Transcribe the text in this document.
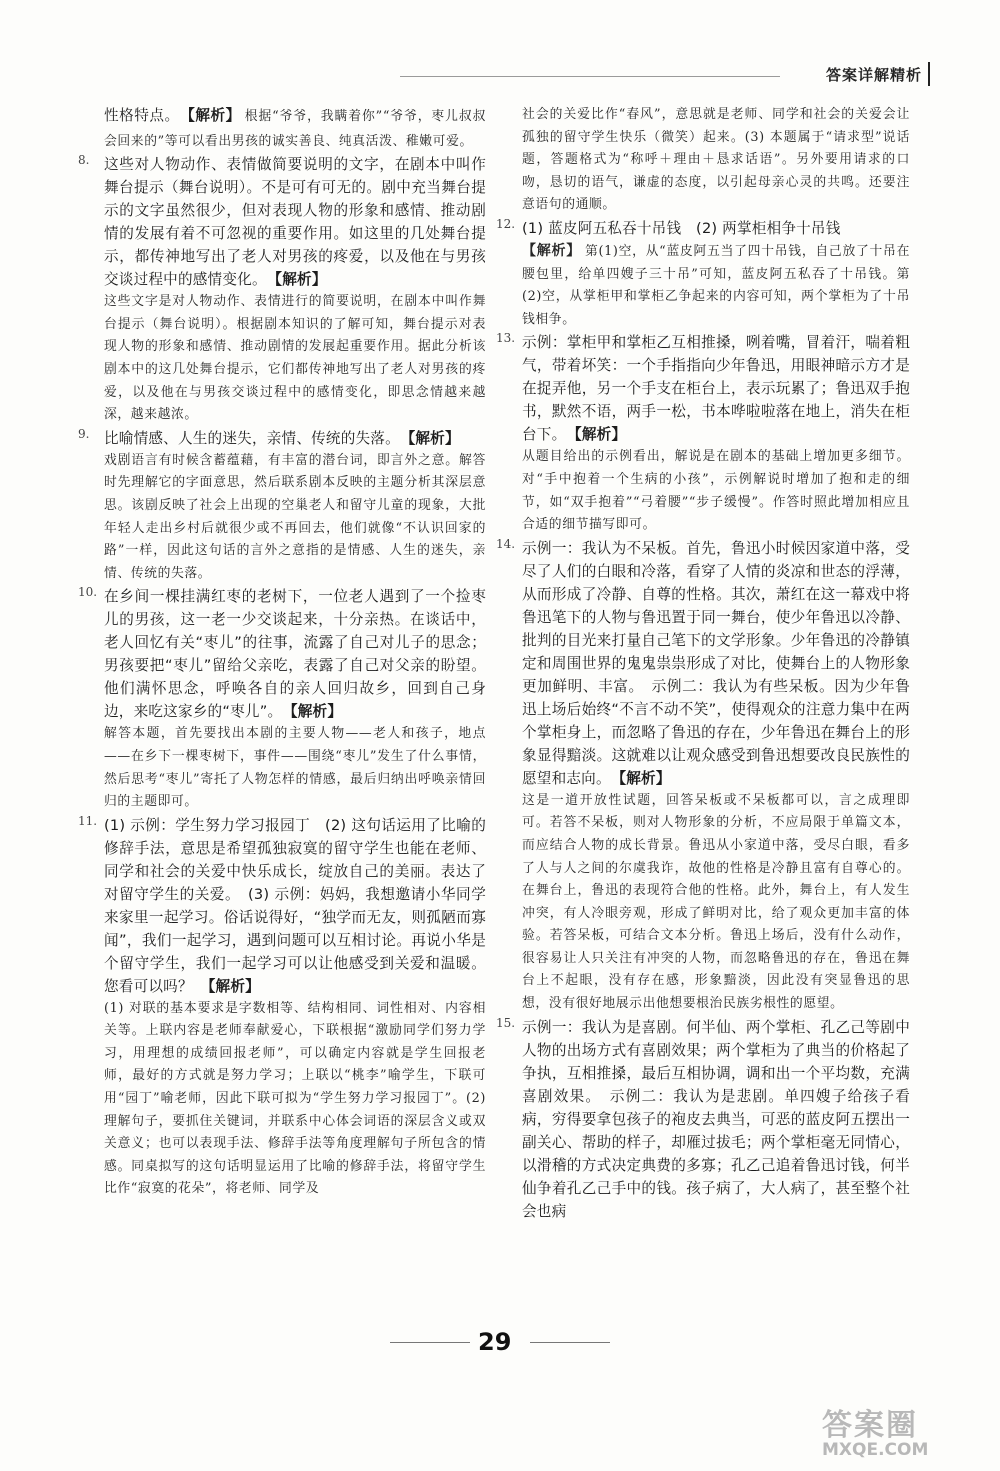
答案详解精析
性格特点。 【解析】 根据“爷爷，我瞒着你”“爷爷，枣儿叔叔会回来的”等可以看出男孩的诚实善良、纯真活泼、稚嫩可爱。
8. 这些对人物动作、表情做简要说明的文字，在剧本中叫作舞台提示（舞台说明）。不是可有可无的。剧中充当舞台提示的文字虽然很少，但对表现人物的形象和感情、推动剧情的发展有着不可忽视的重要作用。如这里的几处舞台提示，都传神地写出了老人对男孩的疼爱，以及他在与男孩交谈过程中的感情变化。 【解析】
这些文字是对人物动作、表情进行的简要说明，在剧本中叫作舞台提示（舞台说明）。根据剧本知识的了解可知，舞台提示对表现人物的形象和感情、推动剧情的发展起重要作用。据此分析该剧本中的这几处舞台提示，它们都传神地写出了老人对男孩的疼爱，以及他在与男孩交谈过程中的感情变化，即思念情越来越深，越来越浓。
9. 比喻情感、人生的迷失，亲情、传统的失落。 【解析】
戏剧语言有时候含蓄蕴藉，有丰富的潜台词，即言外之意。解答时先理解它的字面意思，然后联系剧本反映的主题分析其深层意思。该剧反映了社会上出现的空巢老人和留守儿童的现象，大批年轻人走出乡村后就很少或不再回去，他们就像“不认识回家的路”一样，因此这句话的言外之意指的是情感、人生的迷失，亲情、传统的失落。
10. 在乡间一棵挂满红枣的老树下，一位老人遇到了一个捡枣儿的男孩，这一老一少交谈起来，十分亲热。在谈话中，老人回忆有关“枣儿”的往事，流露了自己对儿子的思念；男孩要把“枣儿”留给父亲吃，表露了自己对父亲的盼望。他们满怀思念，呼唤各自的亲人回归故乡，回到自己身边，来吃这家乡的“枣儿”。 【解析】
解答本题，首先要找出本剧的主要人物——老人和孩子，地点——在乡下一棵枣树下，事件——围绕“枣儿”发生了什么事情，然后思考“枣儿”寄托了人物怎样的情感，最后归纳出呼唤亲情回归的主题即可。
11. (1) 示例：学生努力学习报园丁　(2) 这句话运用了比喻的修辞手法，意思是希望孤独寂寞的留守学生也能在老师、同学和社会的关爱中快乐成长，绽放自己的美丽。表达了对留守学生的关爱。　(3) 示例：妈妈，我想邀请小华同学来家里一起学习。俗话说得好，“独学而无友，则孤陋而寡闻”，我们一起学习，遇到问题可以互相讨论。再说小华是个留守学生，我们一起学习可以让他感受到关爱和温暖。您看可以吗？ 【解析】
(1) 对联的基本要求是字数相等、结构相同、词性相对、内容相关等。上联内容是老师奉献爱心，下联根据“激励同学们努力学习，用理想的成绩回报老师”，可以确定内容就是学生回报老师，最好的方式就是努力学习；上联以“桃李”喻学生，下联可用“园丁”喻老师，因此下联可拟为“学生努力学习报园丁”。(2) 理解句子，要抓住关键词，并联系中心体会词语的深层含义或双关意义；也可以表现手法、修辞手法等角度理解句子所包含的情感。同桌拟写的这句话明显运用了比喻的修辞手法，将留守学生比作“寂寞的花朵”，将老师、同学及
社会的关爱比作“春风”，意思就是老师、同学和社会的关爱会让孤独的留守学生快乐（微笑）起来。(3) 本题属于“请求型”说话题，答题格式为“称呼＋理由＋恳求话语”。另外要用请求的口吻，恳切的语气，谦虚的态度，以引起母亲心灵的共鸣。还要注意语句的通顺。
12. (1) 蓝皮阿五私吞十吊钱　(2) 两掌柜相争十吊钱
【解析】 第(1)空，从“蓝皮阿五当了四十吊钱，自己放了十吊在腰包里，给单四嫂子三十吊”可知，蓝皮阿五私吞了十吊钱。第(2)空，从掌柜甲和掌柜乙争起来的内容可知，两个掌柜为了十吊钱相争。
13. 示例：掌柜甲和掌柜乙互相推搡，咧着嘴，冒着汗，喘着粗气，带着坏笑：一个手指指向少年鲁迅，用眼神暗示方才是在捉弄他，另一个手支在柜台上，表示玩累了；鲁迅双手抱书，默然不语，两手一松，书本哗啦啦落在地上，消失在柜台下。 【解析】
从题目给出的示例看出，解说是在剧本的基础上增加更多细节。对“手中抱着一个生病的小孩”，示例解说时增加了抱和走的细节，如“双手抱着”“弓着腰”“步子缓慢”。作答时照此增加相应且合适的细节描写即可。
14. 示例一：我认为不呆板。首先，鲁迅小时候因家道中落，受尽了人们的白眼和冷落，看穿了人情的炎凉和世态的浮薄，从而形成了冷静、自尊的性格。其次，萧红在这一幕戏中将鲁迅笔下的人物与鲁迅置于同一舞台，使少年鲁迅以冷静、批判的目光来打量自己笔下的文学形象。少年鲁迅的冷静镇定和周围世界的鬼鬼祟祟形成了对比，使舞台上的人物形象更加鲜明、丰富。　示例二：我认为有些呆板。因为少年鲁迅上场后始终“不言不动不笑”，使得观众的注意力集中在两个掌柜身上，而忽略了鲁迅的存在，少年鲁迅在舞台上的形象显得黯淡。这就难以让观众感受到鲁迅想要改良民族性的愿望和志向。 【解析】
这是一道开放性试题，回答呆板或不呆板都可以，言之成理即可。若答不呆板，则对人物形象的分析，不应局限于单篇文本，而应结合人物的成长背景。鲁迅从小家道中落，受尽白眼，看多了人与人之间的尔虞我诈，故他的性格是冷静且富有自尊心的。在舞台上，鲁迅的表现符合他的性格。此外，舞台上，有人发生冲突，有人冷眼旁观，形成了鲜明对比，给了观众更加丰富的体验。若答呆板，可结合文本分析。鲁迅上场后，没有什么动作，很容易让人只关注有冲突的人物，而忽略鲁迅的存在，鲁迅在舞台上不起眼，没有存在感，形象黯淡，因此没有突显鲁迅的思想，没有很好地展示出他想要根治民族劣根性的愿望。
15. 示例一：我认为是喜剧。何半仙、两个掌柜、孔乙己等剧中人物的出场方式有喜剧效果；两个掌柜为了典当的价格起了争执，互相推搡，最后互相协调，调和出一个平均数，充满喜剧效果。　示例二：我认为是悲剧。单四嫂子给孩子看病，穷得要拿包孩子的袍皮去典当，可恶的蓝皮阿五摆出一副关心、帮助的样子，却雁过拔毛；两个掌柜毫无同情心，以滑稽的方式决定典费的多寡；孔乙己追着鲁迅讨钱，何半仙争着孔乙己手中的钱。孩子病了，大人病了，甚至整个社会也病
29
答案圈
MXQE.COM
